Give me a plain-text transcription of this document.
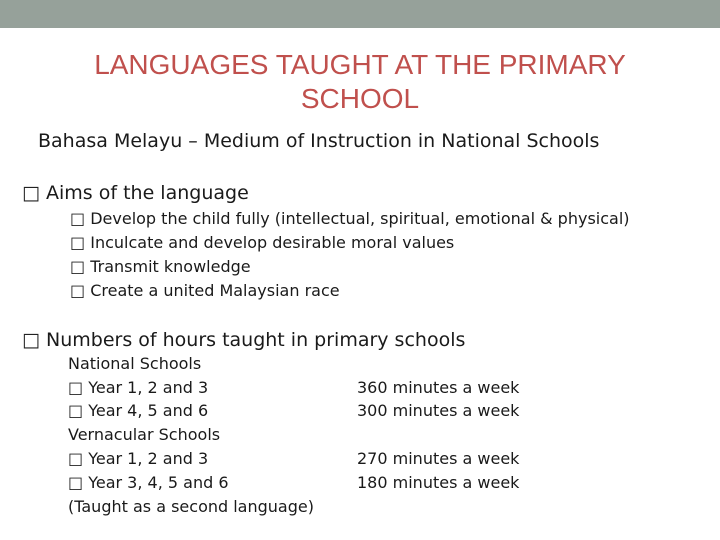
LANGUAGES TAUGHT AT THE PRIMARY
SCHOOL
Bahasa Melayu – Medium of Instruction in National Schools
□ Aims of the language
□ Develop the child fully (intellectual, spiritual, emotional & physical)
□ Inculcate and develop desirable moral values
□ Transmit knowledge
□ Create a united Malaysian race
□ Numbers of hours taught in primary schools
National Schools
□ Year 1, 2 and 3	360 minutes a week
□ Year 4, 5 and 6	300 minutes a week
Vernacular Schools
□ Year 1, 2 and 3	270 minutes a week
□ Year 3, 4, 5 and 6	180 minutes a week
(Taught as a second language)
